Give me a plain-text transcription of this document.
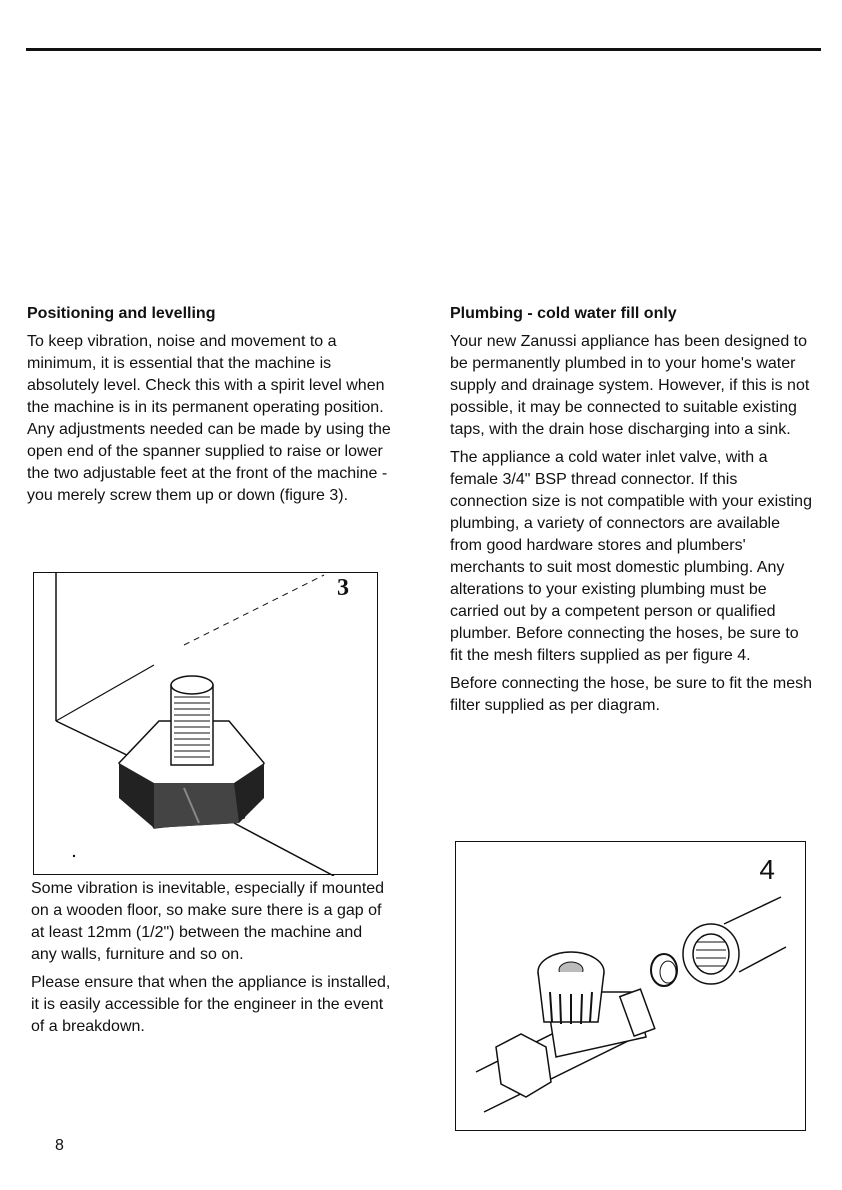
Positioning and levelling

To keep vibration, noise and movement to a minimum, it is essential that the machine is absolutely level. Check this with a spirit level when the machine is in its permanent operating position. Any adjustments needed can be made by using the open end of the spanner supplied to raise or lower the two adjustable feet at the front of the machine - you merely screw them up or down (figure 3).

3

Some vibration is inevitable, especially if mounted on a wooden floor, so make sure there is a gap of at least 12mm (1/2") between the machine and any walls, furniture and so on.

Please ensure that when the appliance is installed, it is easily accessible for the engineer in the event of a breakdown.

Plumbing - cold water fill only

Your new Zanussi appliance has been designed to be permanently plumbed in to your home's water supply and drainage system. However, if this is not possible, it may be connected to suitable existing taps, with the drain hose discharging into a sink.

The appliance a cold water inlet valve, with a female 3/4" BSP thread connector. If this connection size is not compatible with your existing plumbing, a variety of connectors are available from good hardware stores and plumbers' merchants to suit most domestic plumbing. Any alterations to your existing plumbing must be carried out by a competent person or qualified plumber. Before connecting the hoses, be sure to fit the mesh filters supplied as per figure 4.

Before connecting the hose, be sure to fit the mesh filter supplied as per diagram.

4
8
